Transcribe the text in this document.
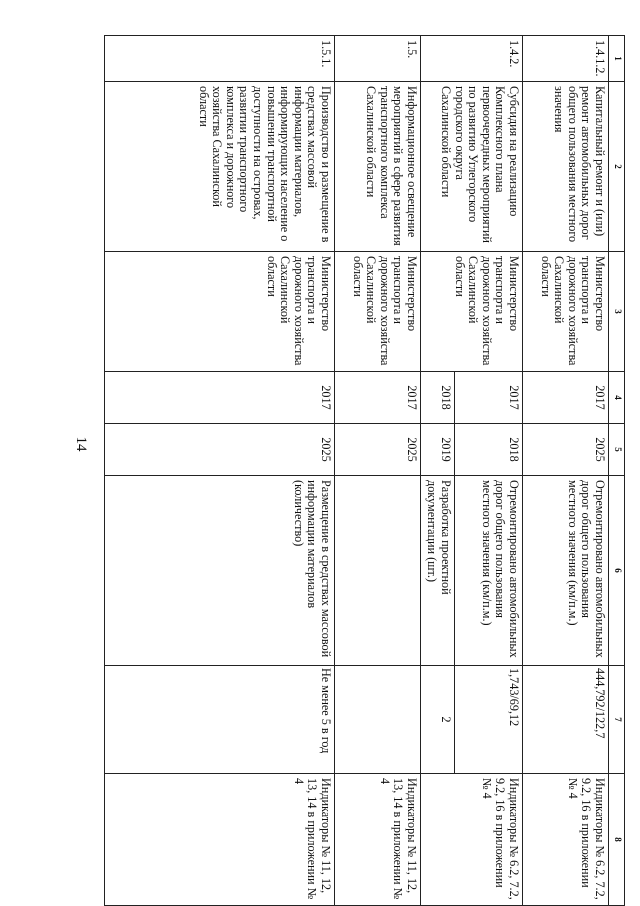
14
1	2	3	4	5	6	7	8
1.4.1.2.	Капитальный ремонт и (или) ремонт автомобильных дорог общего пользования местного значения	Министерство транспорта и дорожного хозяйства Сахалинской области	2017	2025	Отремонтировано автомобильных дорог общего пользования местного значения (км/п.м.)	444,792/122,7	Индикаторы № 6.2, 7.2, 9.2, 16 в приложении № 4
1.4.2.	Субсидия на реализацию Комплексного плана первоочередных мероприятий по развитию Углегорского городского округа Сахалинской области	Министерство транспорта и дорожного хозяйства Сахалинской области	2017	2018	Отремонтировано автомобильных дорог общего пользования местного значения (км/п.м.)	1,743/69,12	Индикаторы № 6.2, 7.2, 9.2, 16 в приложении № 4
			2018	2019	Разработка проектной документации (шт.)	2	
1.5.	Информационное освещение мероприятий в сфере развития транспортного комплекса Сахалинской области	Министерство транспорта и дорожного хозяйства Сахалинской области	2017	2025			Индикаторы № 11, 12, 13, 14 в приложении № 4
1.5.1.	Производство и размещение в средствах массовой информации материалов, информирующих население о повышении транспортной доступности на островах, развитии транспортного комплекса и дорожного хозяйства Сахалинской области	Министерство транспорта и дорожного хозяйства Сахалинской области	2017	2025	Размещение в средствах массовой информации материалов (количество)	Не менее 5 в год	Индикаторы № 11, 12, 13, 14 в приложении № 4
